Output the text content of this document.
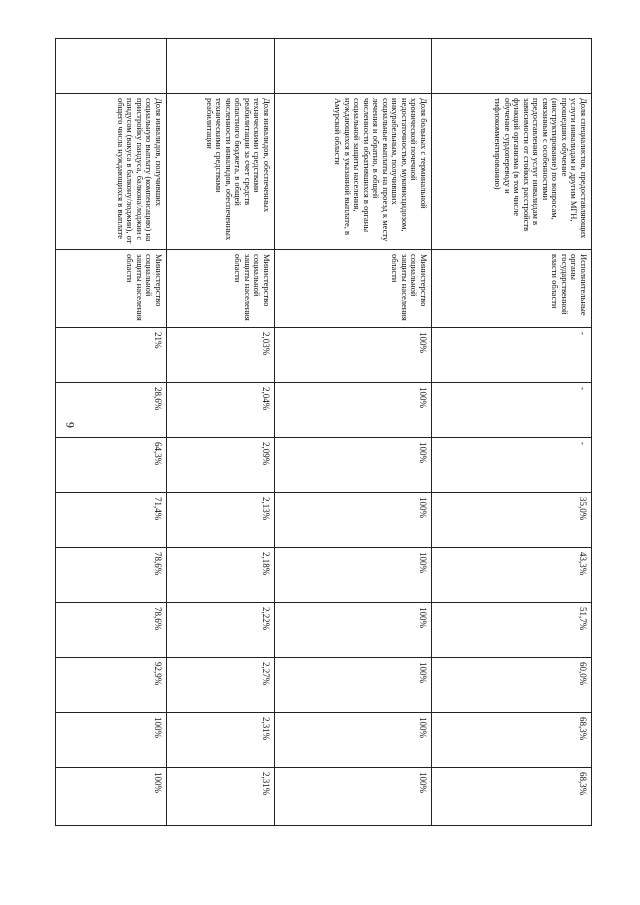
6
	Доля специалистов, предоставляющих услуги инвалидам и другим МГН, прошедших обучение (инструктирование) по вопросам, связанным с особенностями предоставления услуг инвалидам в зависимости от стойких расстройств функций организма (в том числе обучение сурдопереводу и тифлокомментированию)	Исполнительные органы государственной власти области	-	-	-	35,0%	43,3%	51,7%	60,0%	68,3%	68,3%
	Доля больных с терминальной хронической почечной недостаточностью, муковисцидозом, инкурабельным, получивших социальные выплаты на проезд к месту лечения и обратно, в общей численности обратившихся в органы социальной защиты населения, нуждающихся в указанной выплате, в Амурской области	Министерство социальной защиты населения области	100%	100%	100%	100%	100%	100%	100%	100%	100%
	Доля инвалидов, обеспеченных техническими средствами реабилитации за счет средств областного бюджета, в общей численности инвалидов, обеспеченных техническими средствами реабилитации	Министерство социальной защиты населения области	2,03%	2,04%	2,09%	2,13%	2,18%	2,22%	2,27%	2,31%	2,31%
	Доля инвалидов, получивших социальную выплату (компенсацию) на пристройку пандуса, балкона/лоджии с пандусом (вакуса в балкону/лоджии), от общего числа нуждающихся в выплате	Министерство социальной защиты населения области	21%	28,6%	64,3%	71,4%	78,6%	78,6%	92,9%	100%	100%
